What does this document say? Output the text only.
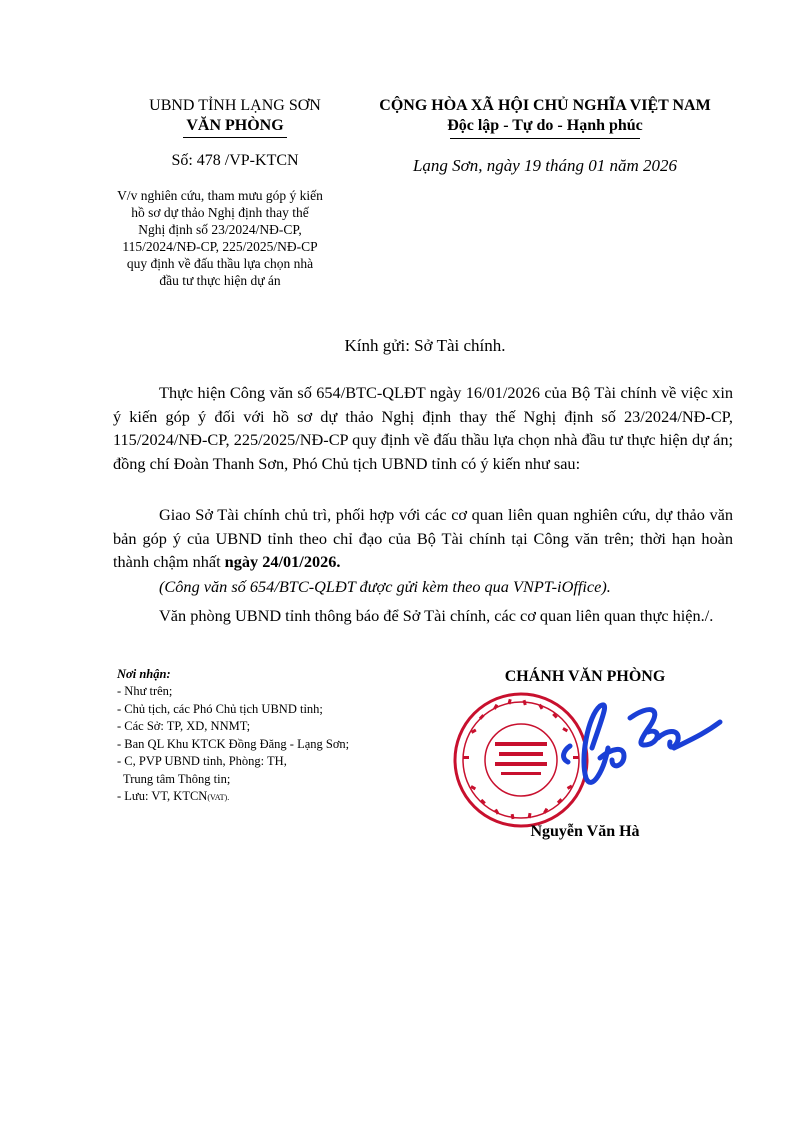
UBND TỈNH LẠNG SƠN
VĂN PHÒNG
Số: 478 /VP-KTCN
V/v nghiên cứu, tham mưu góp ý kiến
hồ sơ dự thảo Nghị định thay thế
Nghị định số 23/2024/NĐ-CP,
115/2024/NĐ-CP, 225/2025/NĐ-CP
quy định về đấu thầu lựa chọn nhà
đầu tư thực hiện dự án
CỘNG HÒA XÃ HỘI CHỦ NGHĨA VIỆT NAM
Độc lập - Tự do - Hạnh phúc
Lạng Sơn, ngày 19 tháng 01 năm 2026
Kính gửi: Sở Tài chính.
Thực hiện Công văn số 654/BTC-QLĐT ngày 16/01/2026 của Bộ Tài chính về việc xin ý kiến góp ý đối với hồ sơ dự thảo Nghị định thay thế Nghị định số 23/2024/NĐ-CP, 115/2024/NĐ-CP, 225/2025/NĐ-CP quy định về đấu thầu lựa chọn nhà đầu tư thực hiện dự án; đồng chí Đoàn Thanh Sơn, Phó Chủ tịch UBND tỉnh có ý kiến như sau:
Giao Sở Tài chính chủ trì, phối hợp với các cơ quan liên quan nghiên cứu, dự thảo văn bản góp ý của UBND tỉnh theo chỉ đạo của Bộ Tài chính tại Công văn trên; thời hạn hoàn thành chậm nhất ngày 24/01/2026.
(Công văn số 654/BTC-QLĐT được gửi kèm theo qua VNPT-iOffice).
Văn phòng UBND tỉnh thông báo để Sở Tài chính, các cơ quan liên quan thực hiện./.
Nơi nhận:
- Như trên;
- Chủ tịch, các Phó Chủ tịch UBND tỉnh;
- Các Sở: TP, XD, NNMT;
- Ban QL Khu KTCK Đồng Đăng - Lạng Sơn;
- C, PVP UBND tỉnh, Phòng: TH,
Trung tâm Thông tin;
- Lưu: VT, KTCN(VAT).
CHÁNH VĂN PHÒNG
Nguyễn Văn Hà
